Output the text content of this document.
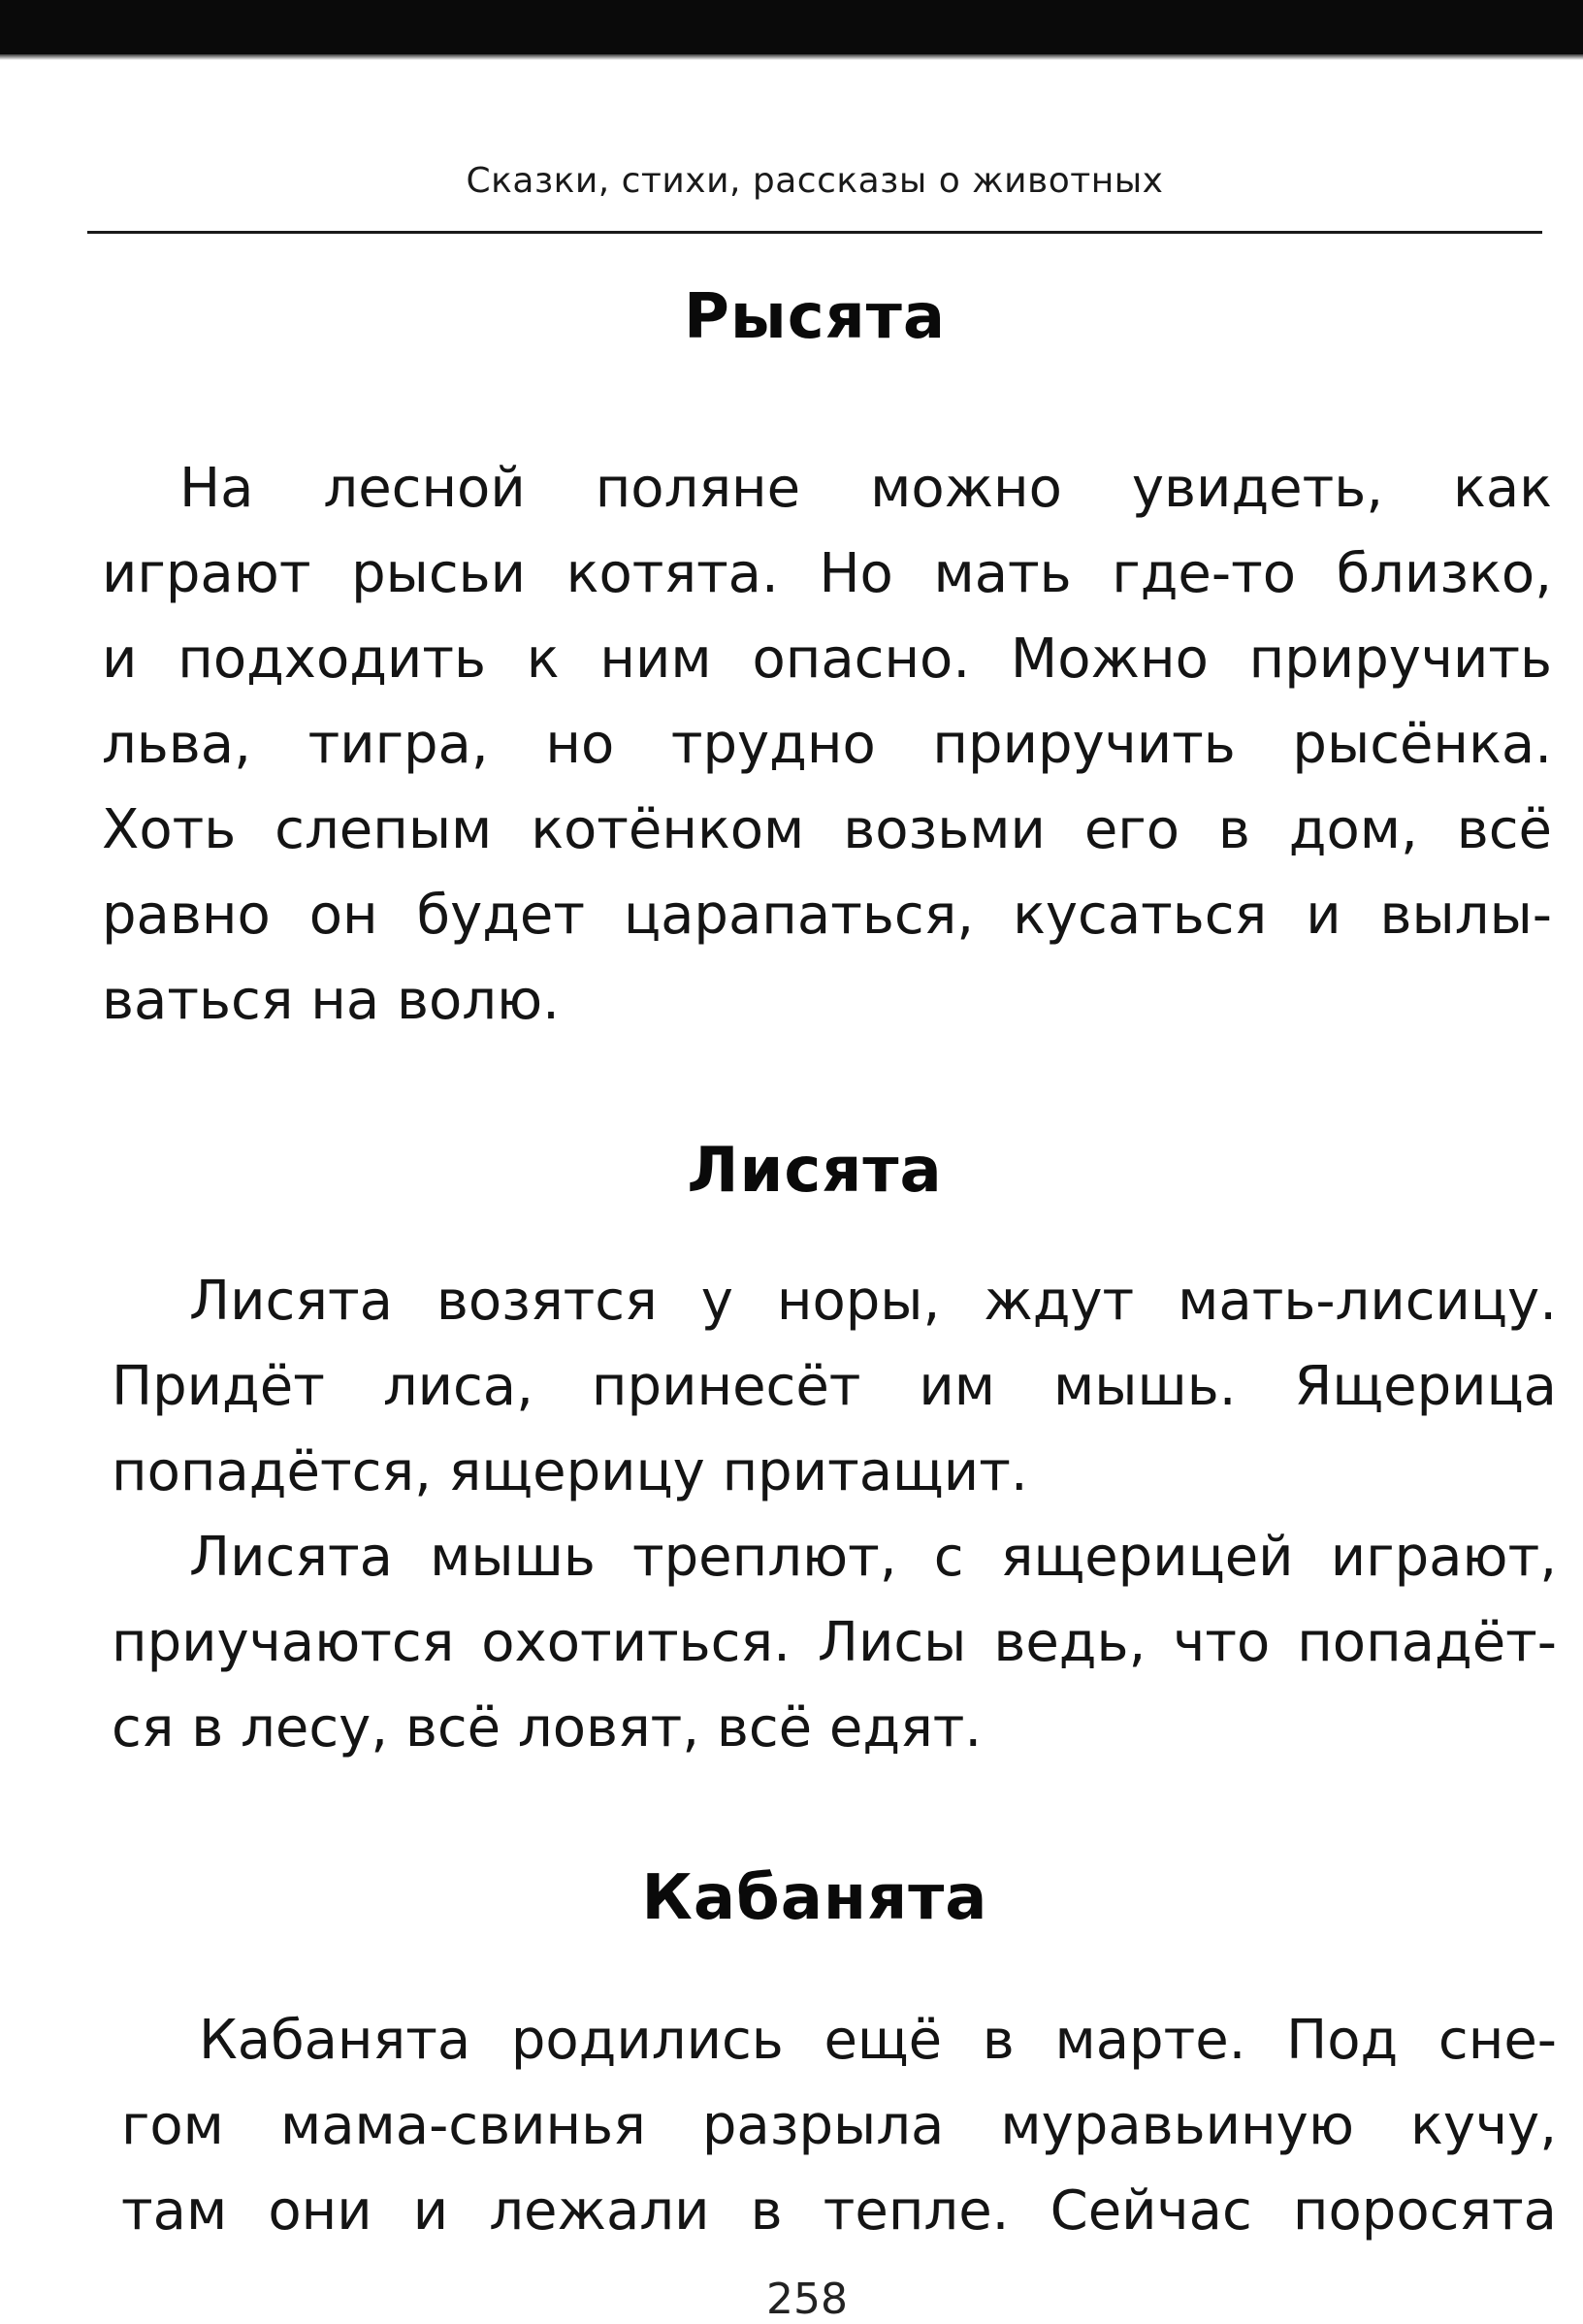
Сказки, стихи, рассказы о животных
Рысята
На лесной поляне можно увидеть, как
играют рысьи котята. Но мать где-то близко,
и подходить к ним опасно. Можно приручить
льва, тигра, но трудно приручить рысёнка.
Хоть слепым котёнком возьми его в дом, всё
равно он будет царапаться, кусаться и вылы-
ваться на волю.
Лисята
Лисята возятся у норы, ждут мать-лисицу.
Придёт лиса, принесёт им мышь. Ящерица
попадётся, ящерицу притащит.
Лисята мышь треплют, с ящерицей играют,
приучаются охотиться. Лисы ведь, что попадёт-
ся в лесу, всё ловят, всё едят.
Кабанята
Кабанята родились ещё в марте. Под сне-
гом мама-свинья разрыла муравьиную кучу,
там они и лежали в тепле. Сейчас поросята
258
